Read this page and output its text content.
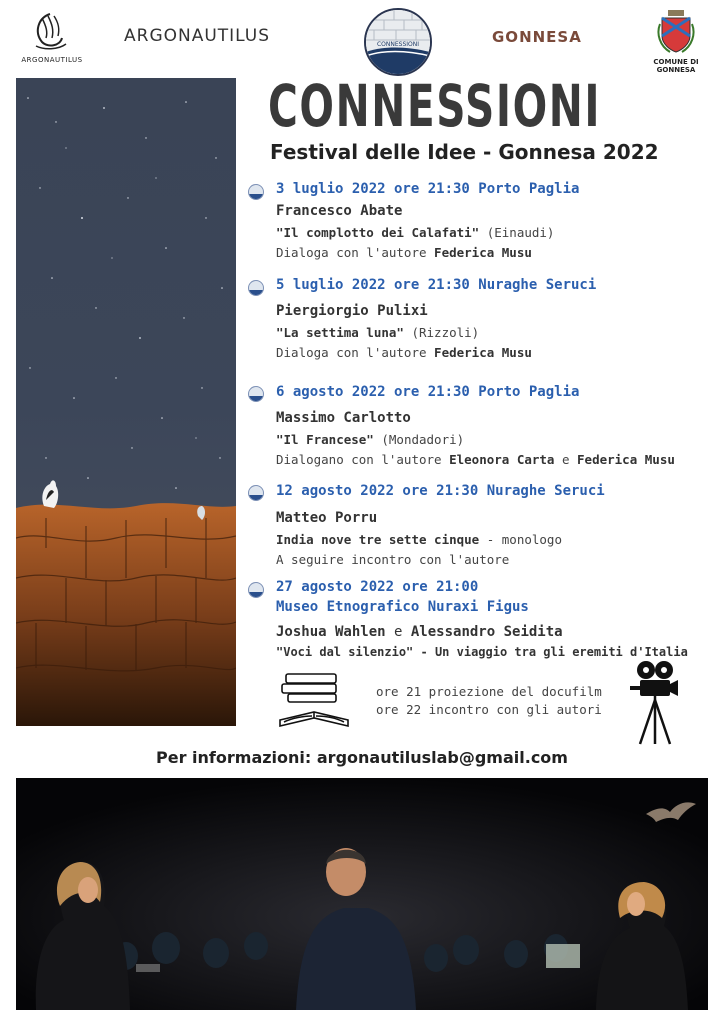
ARGONAUTILUS
ARGONAUTILUS	CONNESSIONI	GONNESA
COMUNE DI GONNESA
CONNESSIONI
Festival delle Idee - Gonnesa 2022
3 luglio 2022 ore 21:30 Porto Paglia
Francesco Abate
"Il complotto dei Calafati" (Einaudi)
Dialoga con l'autore Federica Musu
5 luglio 2022 ore 21:30 Nuraghe Seruci
Piergiorgio Pulixi
"La settima luna" (Rizzoli)
Dialoga con l'autore Federica Musu
6 agosto 2022 ore 21:30 Porto Paglia
Massimo Carlotto
"Il Francese" (Mondadori)
Dialogano con l'autore Eleonora Carta e Federica Musu
12 agosto 2022 ore 21:30 Nuraghe Seruci
Matteo Porru
India nove tre sette cinque - monologo
A seguire incontro con l'autore
27 agosto 2022 ore 21:00
Museo Etnografico Nuraxi Figus
Joshua Wahlen e Alessandro Seidita
"Voci dal silenzio" - Un viaggio tra gli eremiti d'Italia
ore 21 proiezione del docufilm
ore 22 incontro con gli autori
Per informazioni: argonautiluslab@gmail.com
